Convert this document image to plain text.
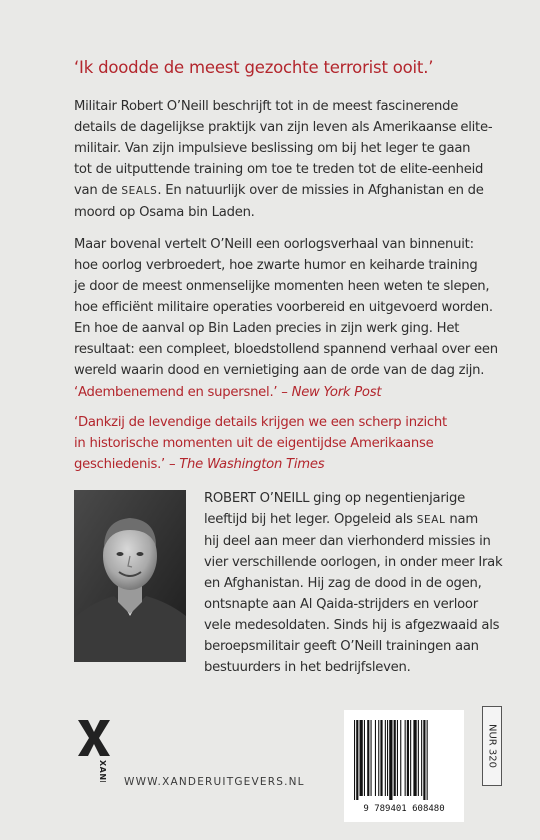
‘Ik doodde de meest gezochte terrorist ooit.’

Militair Robert O’Neill beschrijft tot in de meest fascinerende
details de dagelijkse praktijk van zijn leven als Amerikaanse elite-
militair. Van zijn impulsieve beslissing om bij het leger te gaan
tot de uitputtende training om toe te treden tot de elite-eenheid
van de SEALS. En natuurlijk over de missies in Afghanistan en de
moord op Osama bin Laden.

Maar bovenal vertelt O’Neill een oorlogsverhaal van binnenuit:
hoe oorlog verbroedert, hoe zwarte humor en keiharde training
je door de meest onmenselijke momenten heen weten te slepen,
hoe efficiënt militaire operaties voorbereid en uitgevoerd worden.
En hoe de aanval op Bin Laden precies in zijn werk ging. Het
resultaat: een compleet, bloedstollend spannend verhaal over een
wereld waarin dood en vernietiging aan de orde van de dag zijn.

‘Adembenemend en supersnel.’ – New York Post
‘Dankzij de levendige details krijgen we een scherp inzicht
in historische momenten uit de eigentijdse Amerikaanse
geschiedenis.’ – The Washington Times

ROBERT O’NEILL ging op negentienjarige
leeftijd bij het leger. Opgeleid als SEAL nam
hij deel aan meer dan vierhonderd missies in
vier verschillende oorlogen, in onder meer Irak
en Afghanistan. Hij zag de dood in de ogen,
ontsnapte aan Al Qaida-strijders en verloor
vele medesoldaten. Sinds hij is afgezwaaid als
beroepsmilitair geeft O’Neill trainingen aan
bestuurders in het bedrijfsleven.

XANDER WWW.XANDERUITGEVERS.NL
9 789401 608480
NUR 320
